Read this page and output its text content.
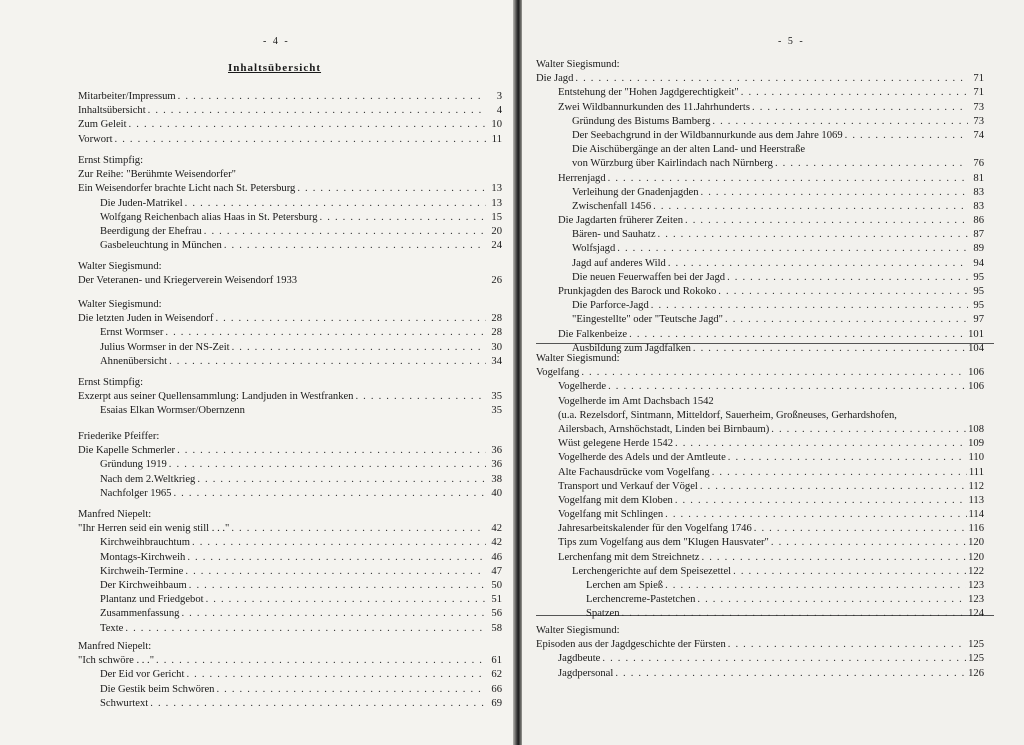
- 4 -
Inhaltsübersicht
Mitarbeiter/Impressum . . .	3
Inhaltsübersicht . . .	4
Zum Geleit . . .	10
Vorwort . . .	11
Ernst Stimpfig:
Zur Reihe: "Berühmte Weisendorfer"
Ein Weisendorfer brachte Licht nach St. Petersburg . . .	13
Die Juden-Matrikel . . .	13
Wolfgang Reichenbach alias Haas in St. Petersburg . . .	15
Beerdigung der Ehefrau . . .	20
Gasbeleuchtung in München . . .	24
Walter Siegismund:
Der Veteranen- und Kriegerverein Weisendorf 1933	26
Walter Siegismund:
Die letzten Juden in Weisendorf . . .	28
Ernst Wormser . . .	28
Julius Wormser in der NS-Zeit . . .	30
Ahnenübersicht . . .	34
Ernst Stimpfig:
Exzerpt aus seiner Quellensammlung: Landjuden in Westfranken . . .	35
Esaias Elkan Wormser/Obernzenn	35
Friederike Pfeiffer:
Die Kapelle Schmerler . . .	36
Gründung 1919 . . .	36
Nach dem 2.Weltkrieg . . .	38
Nachfolger 1965 . . .	40
Manfred Niepelt:
"Ihr Herren seid ein wenig still . . ." . . .	42
Kirchweihbrauchtum . . .	42
Montags-Kirchweih . . .	46
Kirchweih-Termine . . .	47
Der Kirchweihbaum . . .	50
Plantanz und Friedgebot . . .	51
Zusammenfassung . . .	56
Texte . . .	58
Manfred Niepelt:
"Ich schwöre . . ." . . .	61
Der Eid vor Gericht . . .	62
Die Gestik beim Schwören . . .	66
Schwurtext . . .	69
- 5 -
Walter Siegismund:
Die Jagd . . .	71
Entstehung der "Hohen Jagdgerechtigkeit" . . .	71
Zwei Wildbannurkunden des 11.Jahrhunderts . . .	73
Gründung des Bistums Bamberg . . .	73
Der Seebachgrund in der Wildbannurkunde aus dem Jahre 1069 . . .	74
Die Aischübergänge an der alten Land- und Heerstraße
von Würzburg über Kairlindach nach Nürnberg . . .	76
Herrenjagd . . .	81
Verleihung der Gnadenjagden . . .	83
Zwischenfall 1456 . . .	83
Die Jagdarten früherer Zeiten . . .	86
Bären- und Sauhatz . . .	87
Wolfsjagd . . .	89
Jagd auf anderes Wild . . .	94
Die neuen Feuerwaffen bei der Jagd . . .	95
Prunkjagden des Barock und Rokoko . . .	95
Die Parforce-Jagd . . .	95
"Eingestellte" oder "Teutsche Jagd" . . .	97
Die Falkenbeize . . .	101
Ausbildung zum Jagdfalken . . .	104
Walter Siegismund:
Vogelfang . . .	106
Vogelherde . . .	106
Vogelherde im Amt Dachsbach 1542
(u.a. Rezelsdorf, Sintmann, Mitteldorf, Sauerheim, Großneuses, Gerhardshofen,
Ailersbach, Arnshöchstadt, Linden bei Birnbaum) . . .	108
Wüst gelegene Herde 1542 . . .	109
Vogelherde des Adels und der Amtleute . . .	110
Alte Fachausdrücke vom Vogelfang . . .	111
Transport und Verkauf der Vögel . . .	112
Vogelfang mit dem Kloben . . .	113
Vogelfang mit Schlingen . . .	114
Jahresarbeitskalender für den Vogelfang 1746 . . .	116
Tips zum Vogelfang aus dem "Klugen Hausvater" . . .	120
Lerchenfang mit dem Streichnetz . . .	120
Lerchengerichte auf dem Speisezettel . . .	122
Lerchen am Spieß . . .	123
Lerchencreme-Pastetchen . . .	123
Spatzen . . .	124
Walter Siegismund:
Episoden aus der Jagdgeschichte der Fürsten . . .	125
Jagdbeute . . .	125
Jagdpersonal . . .	126
